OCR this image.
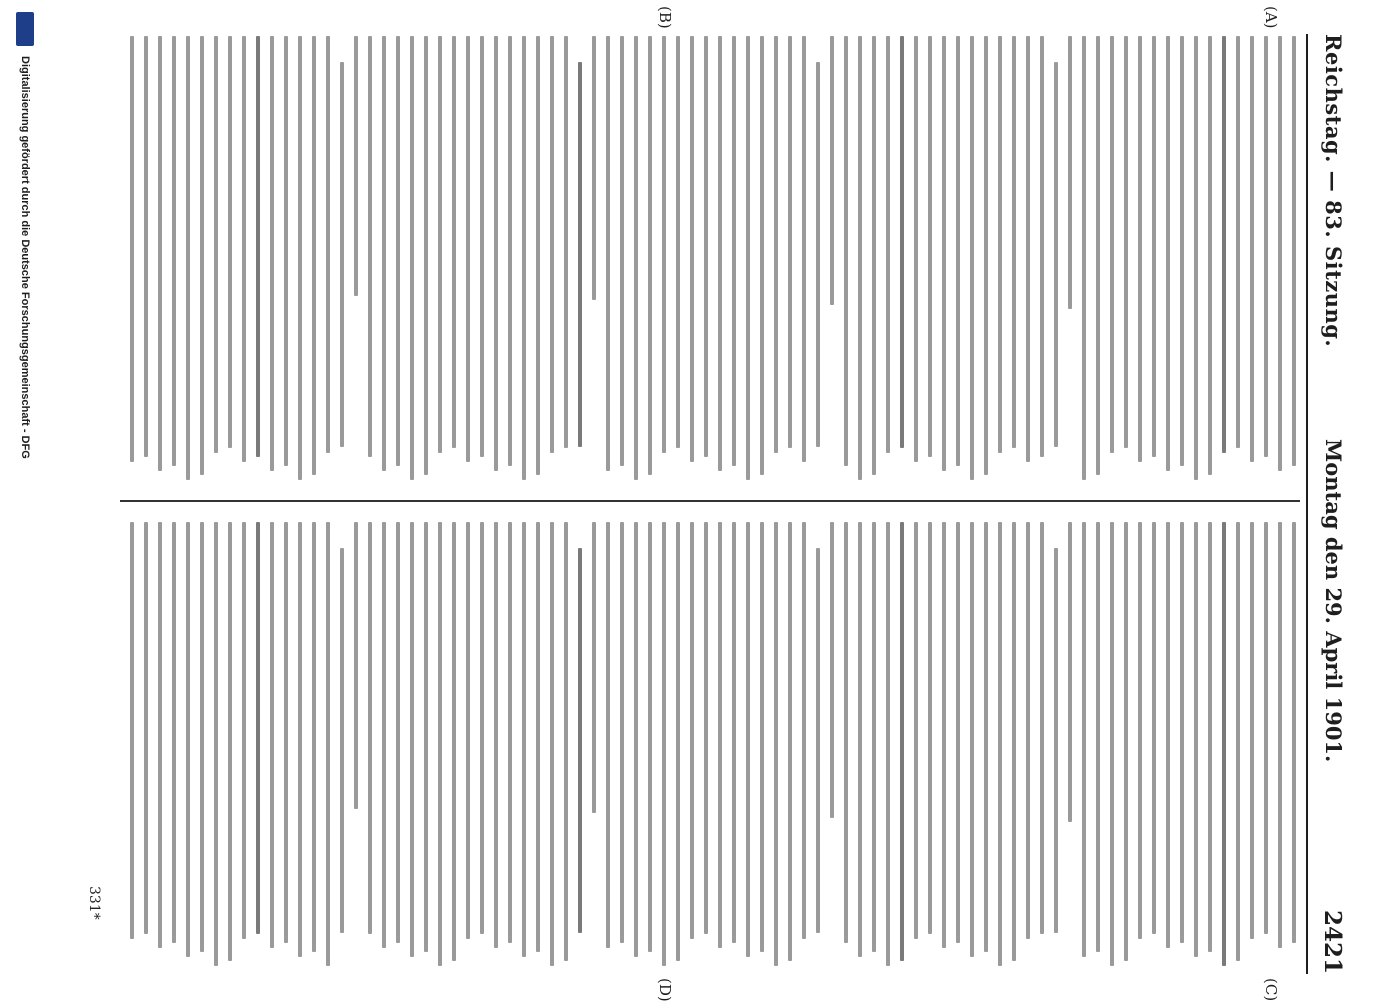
Digitalisierung gefördert durch die Deutsche Forschungsgemeinschaft - DFG	Reichstag. — 83. Sitzung.
Montag den 29. April 1901.
2421
(A)
(B)
(C)
(D)
331*
